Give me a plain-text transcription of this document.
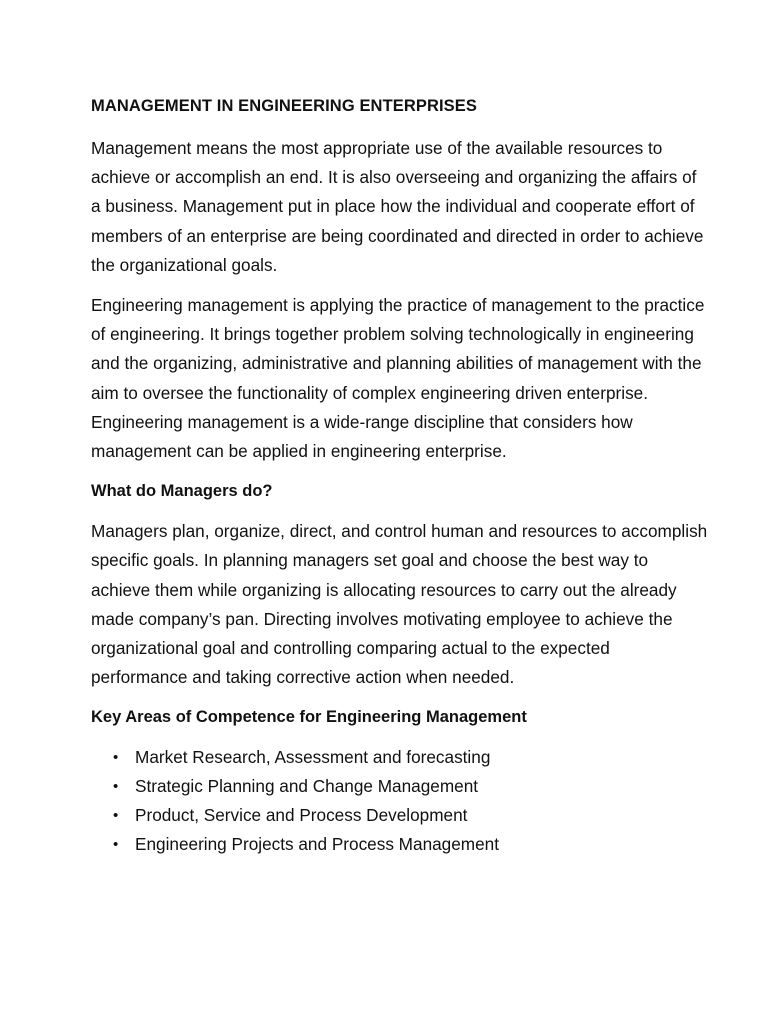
MANAGEMENT IN ENGINEERING ENTERPRISES

Management means the most appropriate use of the available resources to achieve or accomplish an end. It is also overseeing and organizing the affairs of a business. Management put in place how the individual and cooperate effort of members of an enterprise are being coordinated and directed in order to achieve the organizational goals.

Engineering management is applying the practice of management to the practice of engineering. It brings together problem solving technologically in engineering and the organizing, administrative and planning abilities of management with the aim to oversee the functionality of complex engineering driven enterprise. Engineering management is a wide-range discipline that considers how management can be applied in engineering enterprise.

What do Managers do?

Managers plan, organize, direct, and control human and resources to accomplish specific goals. In planning managers set goal and choose the best way to achieve them while organizing is allocating resources to carry out the already made company’s pan. Directing involves motivating employee to achieve the organizational goal and controlling comparing actual to the expected performance and taking corrective action when needed.

Key Areas of Competence for Engineering Management
• Market Research, Assessment and forecasting
• Strategic Planning and Change Management
• Product, Service and Process Development
• Engineering Projects and Process Management
